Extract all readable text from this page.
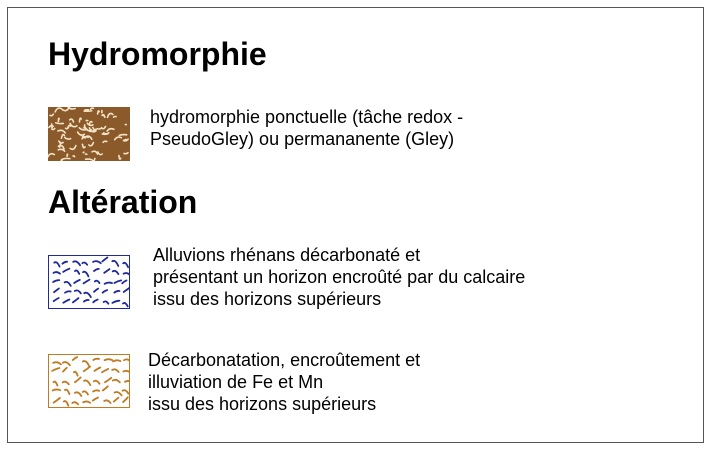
Hydromorphie
hydromorphie ponctuelle (tâche redox -
PseudoGley) ou permananente (Gley)
Altération
Alluvions rhénans décarbonaté et
présentant un horizon encroûté par du calcaire
issu des horizons supérieurs
Décarbonatation, encroûtement et
illuviation de Fe et Mn
issu des horizons supérieurs
